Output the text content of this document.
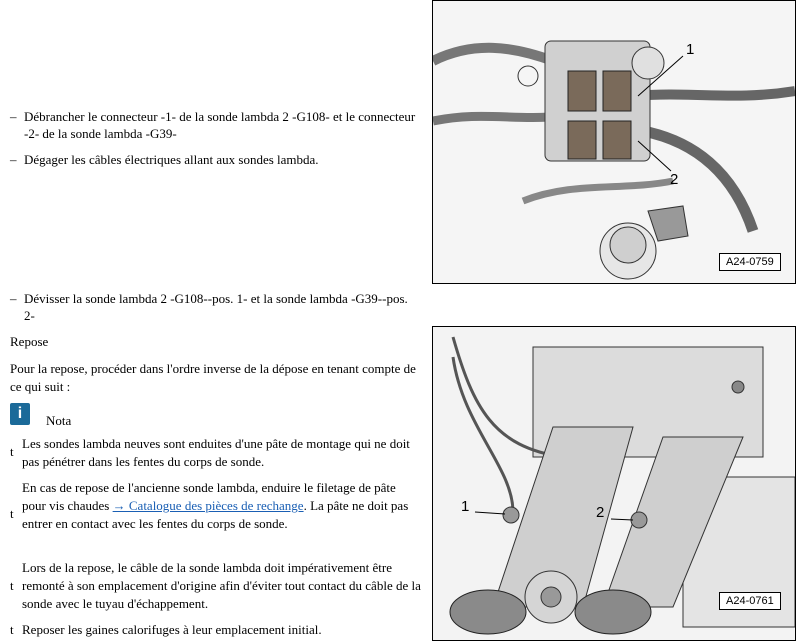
– Débrancher le connecteur -1- de la sonde lambda 2 -G108- et le connecteur -2- de la sonde lambda -G39-
– Dégager les câbles électriques allant aux sondes lambda.
– Dévisser la sonde lambda 2 -G108--pos. 1- et la sonde lambda -G39--pos. 2-
Repose
Pour la repose, procéder dans l'ordre inverse de la dépose en tenant compte de ce qui suit :
i	Nota
t
Les sondes lambda neuves sont enduites d'une pâte de montage qui ne doit pas pénétrer dans les fentes du corps de sonde.
t
En cas de repose de l'ancienne sonde lambda, enduire le filetage de pâte pour vis chaudes → Catalogue des pièces de rechange. La pâte ne doit pas entrer en contact avec les fentes du corps de sonde.
t
Lors de la repose, le câble de la sonde lambda doit impérativement être remonté à son emplacement d'origine afin d'éviter tout contact du câble de la sonde avec le tuyau d'échappement.
t Reposer les gaines calorifuges à leur emplacement initial.
1
2
A24-0759
1	2
A24-0761
